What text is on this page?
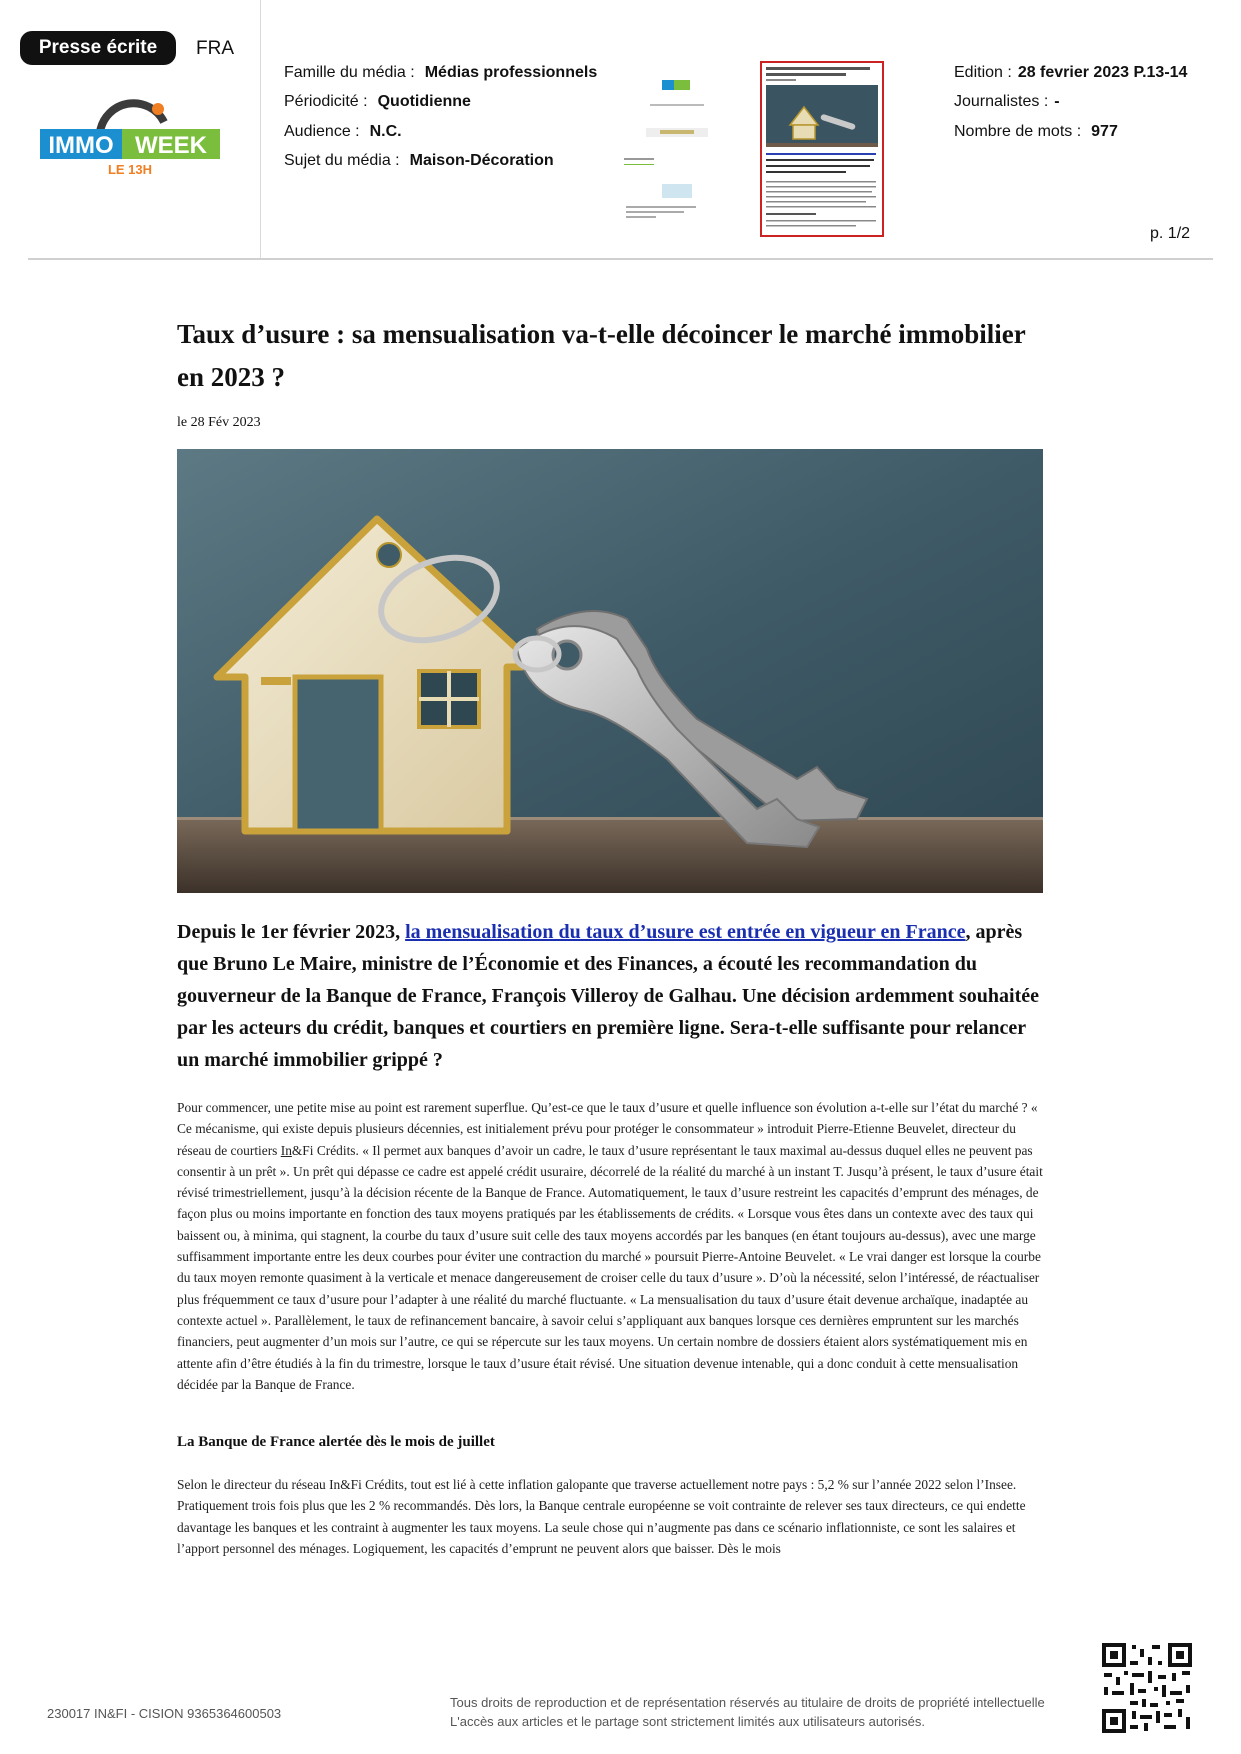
Presse écrite	FRA
IMMO WEEK
LE 13H
Famille du média : Médias professionnels
Périodicité : Quotidienne
Audience : N.C.
Sujet du média : Maison-Décoration
Edition : 28 fevrier 2023 P.13-14
Journalistes : -
Nombre de mots : 977
p. 1/2
Taux d’usure : sa mensualisation va-t-elle décoincer le marché immobilier en 2023 ?
le 28 Fév 2023
Depuis le 1er février 2023, la mensualisation du taux d’usure est entrée en vigueur en France, après que Bruno Le Maire, ministre de l’Économie et des Finances, a écouté les recommandation du gouverneur de la Banque de France, François Villeroy de Galhau. Une décision ardemment souhaitée par les acteurs du crédit, banques et courtiers en première ligne. Sera-t-elle suffisante pour relancer un marché immobilier grippé ?
Pour commencer, une petite mise au point est rarement superflue. Qu’est-ce que le taux d’usure et quelle influence son évolution a-t-elle sur l’état du marché ? « Ce mécanisme, qui existe depuis plusieurs décennies, est initialement prévu pour protéger le consommateur » introduit Pierre-Etienne Beuvelet, directeur du réseau de courtiers In&Fi Crédits. « Il permet aux banques d’avoir un cadre, le taux d’usure représentant le taux maximal au-dessus duquel elles ne peuvent pas consentir à un prêt ». Un prêt qui dépasse ce cadre est appelé crédit usuraire, décorrelé de la réalité du marché à un instant T. Jusqu’à présent, le taux d’usure était révisé trimestriellement, jusqu’à la décision récente de la Banque de France. Automatiquement, le taux d’usure restreint les capacités d’emprunt des ménages, de façon plus ou moins importante en fonction des taux moyens pratiqués par les établissements de crédits. « Lorsque vous êtes dans un contexte avec des taux qui baissent ou, à minima, qui stagnent, la courbe du taux d’usure suit celle des taux moyens accordés par les banques (en étant toujours au-dessus), avec une marge suffisamment importante entre les deux courbes pour éviter une contraction du marché » poursuit Pierre-Antoine Beuvelet. « Le vrai danger est lorsque la courbe du taux moyen remonte quasiment à la verticale et menace dangereusement de croiser celle du taux d’usure ». D’où la nécessité, selon l’intéressé, de réactualiser plus fréquemment ce taux d’usure pour l’adapter à une réalité du marché fluctuante. « La mensualisation du taux d’usure était devenue archaïque, inadaptée au contexte actuel ». Parallèlement, le taux de refinancement bancaire, à savoir celui s’appliquant aux banques lorsque ces dernières empruntent sur les marchés financiers, peut augmenter d’un mois sur l’autre, ce qui se répercute sur les taux moyens. Un certain nombre de dossiers étaient alors systématiquement mis en attente afin d’être étudiés à la fin du trimestre, lorsque le taux d’usure était révisé. Une situation devenue intenable, qui a donc conduit à cette mensualisation décidée par la Banque de France.
La Banque de France alertée dès le mois de juillet
Selon le directeur du réseau In&Fi Crédits, tout est lié à cette inflation galopante que traverse actuellement notre pays : 5,2 % sur l’année 2022 selon l’Insee. Pratiquement trois fois plus que les 2 % recommandés. Dès lors, la Banque centrale européenne se voit contrainte de relever ses taux directeurs, ce qui endette davantage les banques et les contraint à augmenter les taux moyens. La seule chose qui n’augmente pas dans ce scénario inflationniste, ce sont les salaires et l’apport personnel des ménages. Logiquement, les capacités d’emprunt ne peuvent alors que baisser. Dès le mois
230017 IN&FI - CISION 9365364600503
Tous droits de reproduction et de représentation réservés au titulaire de droits de propriété intellectuelle
L'accès aux articles et le partage sont strictement limités aux utilisateurs autorisés.
